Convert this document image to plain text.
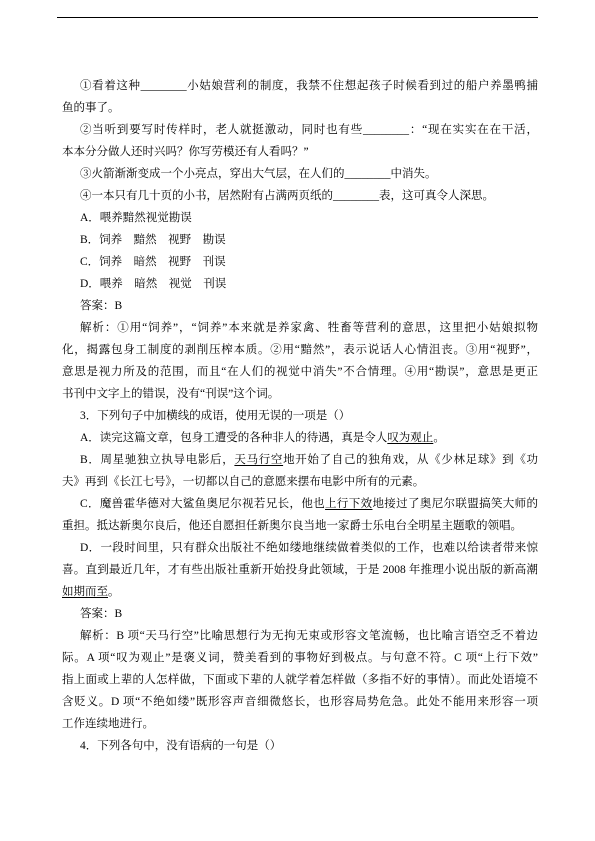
①看着这种________小姑娘营利的制度，我禁不住想起孩子时候看到过的船户养墨鸭捕
鱼的事了。
②当听到要写时传样时，老人就挺激动，同时也有些________：“现在实实在在干活，
本本分分做人还时兴吗？你写劳模还有人看吗？”
③火箭渐渐变成一个小亮点，穿出大气层，在人们的________中消失。
④一本只有几十页的小书，居然附有占满两页纸的________表，这可真令人深思。
A．喂养黯然视觉勘误
B．饲养　黯然　视野　勘误
C．饲养　暗然　视野　刊误
D．喂养　暗然　视觉　刊误
答案：B
解析：①用“饲养”，“饲养”本来就是养家禽、牲畜等营利的意思，这里把小姑娘拟物
化，揭露包身工制度的剥削压榨本质。②用“黯然”，表示说话人心情沮丧。③用“视野”，
意思是视力所及的范围，而且“在人们的视觉中消失”不合情理。④用“勘误”，意思是更正
书刊中文字上的错误，没有“刊误”这个词。
3．下列句子中加横线的成语，使用无误的一项是（）
A．读完这篇文章，包身工遭受的各种非人的待遇，真是令人叹为观止。
B．周星驰独立执导电影后，天马行空地开始了自己的独角戏，从《少林足球》到《功
夫》再到《长江七号》，一切都以自己的意愿来摆布电影中所有的元素。
C．魔兽霍华德对大鲨鱼奥尼尔视若兄长，他也上行下效地接过了奥尼尔联盟搞笑大师的
重担。抵达新奥尔良后，他还自愿担任新奥尔良当地一家爵士乐电台全明星主题歌的领唱。
D．一段时间里，只有群众出版社不绝如缕地继续做着类似的工作，也难以给读者带来惊
喜。直到最近几年，才有些出版社重新开始投身此领域，于是 2008 年推理小说出版的新高潮
如期而至。
答案：B
解析：B 项“天马行空”比喻思想行为无拘无束或形容文笔流畅，也比喻言语空乏不着边
际。A 项“叹为观止”是褒义词，赞美看到的事物好到极点。与句意不符。C 项“上行下效”
指上面或上辈的人怎样做，下面或下辈的人就学着怎样做（多指不好的事情）。而此处语境不
含贬义。D 项“不绝如缕”既形容声音细微悠长，也形容局势危急。此处不能用来形容一项
工作连续地进行。
4．下列各句中，没有语病的一句是（）
